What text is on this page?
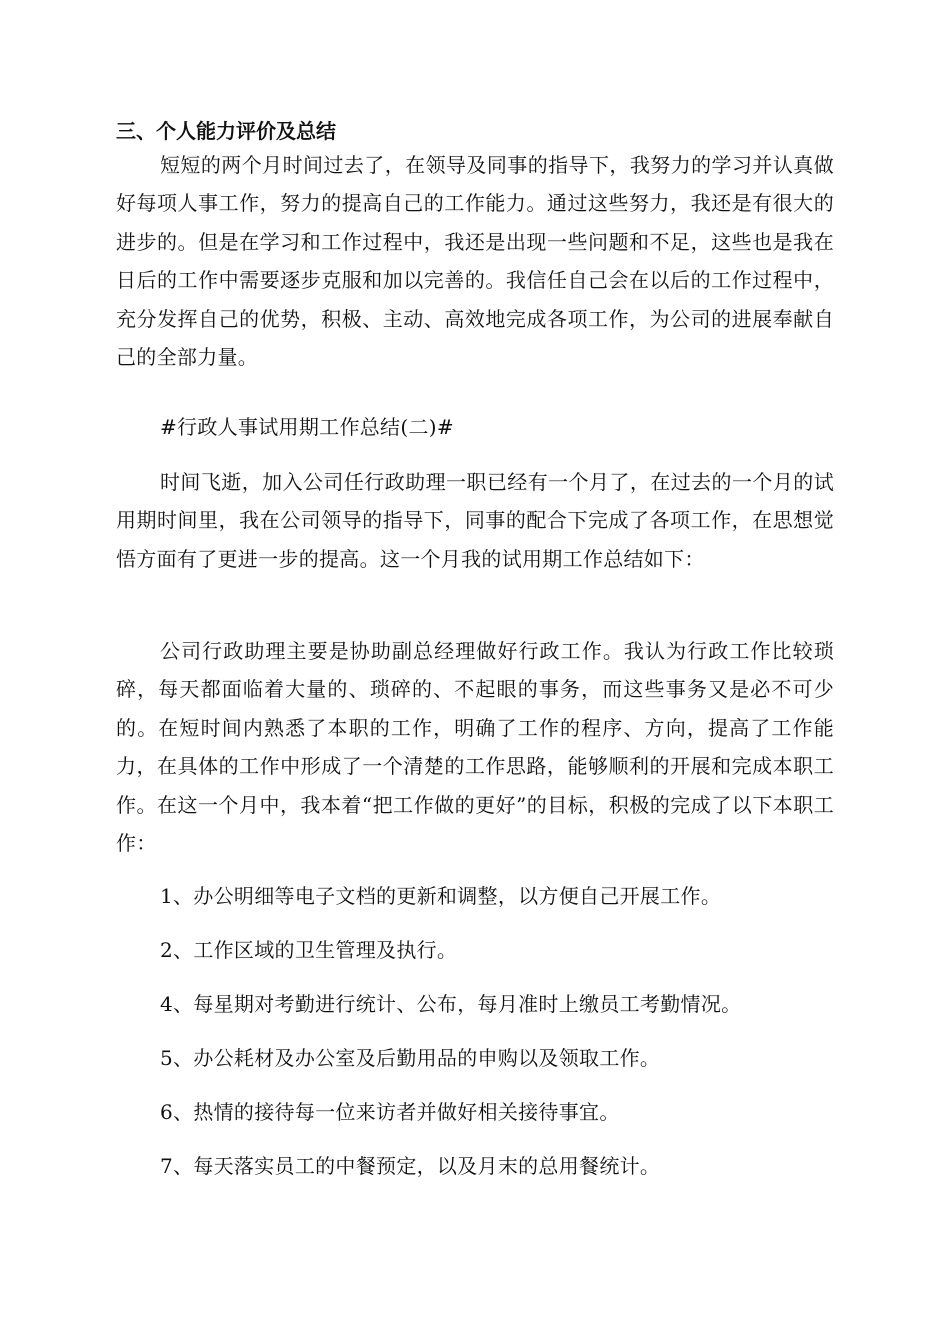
三、个人能力评价及总结

短短的两个月时间过去了，在领导及同事的指导下，我努力的学习并认真做好每项人事工作，努力的提高自己的工作能力。通过这些努力，我还是有很大的进步的。但是在学习和工作过程中，我还是出现一些问题和不足，这些也是我在日后的工作中需要逐步克服和加以完善的。我信任自己会在以后的工作过程中，充分发挥自己的优势，积极、主动、高效地完成各项工作，为公司的进展奉献自己的全部力量。

#行政人事试用期工作总结(二)#

时间飞逝，加入公司任行政助理一职已经有一个月了，在过去的一个月的试用期时间里，我在公司领导的指导下，同事的配合下完成了各项工作，在思想觉悟方面有了更进一步的提高。这一个月我的试用期工作总结如下：

公司行政助理主要是协助副总经理做好行政工作。我认为行政工作比较琐碎，每天都面临着大量的、琐碎的、不起眼的事务，而这些事务又是必不可少的。在短时间内熟悉了本职的工作，明确了工作的程序、方向，提高了工作能力，在具体的工作中形成了一个清楚的工作思路，能够顺利的开展和完成本职工作。在这一个月中，我本着“把工作做的更好”的目标，积极的完成了以下本职工作：

1、办公明细等电子文档的更新和调整，以方便自己开展工作。
2、工作区域的卫生管理及执行。
4、每星期对考勤进行统计、公布，每月准时上缴员工考勤情况。
5、办公耗材及办公室及后勤用品的申购以及领取工作。
6、热情的接待每一位来访者并做好相关接待事宜。
7、每天落实员工的中餐预定，以及月末的总用餐统计。
